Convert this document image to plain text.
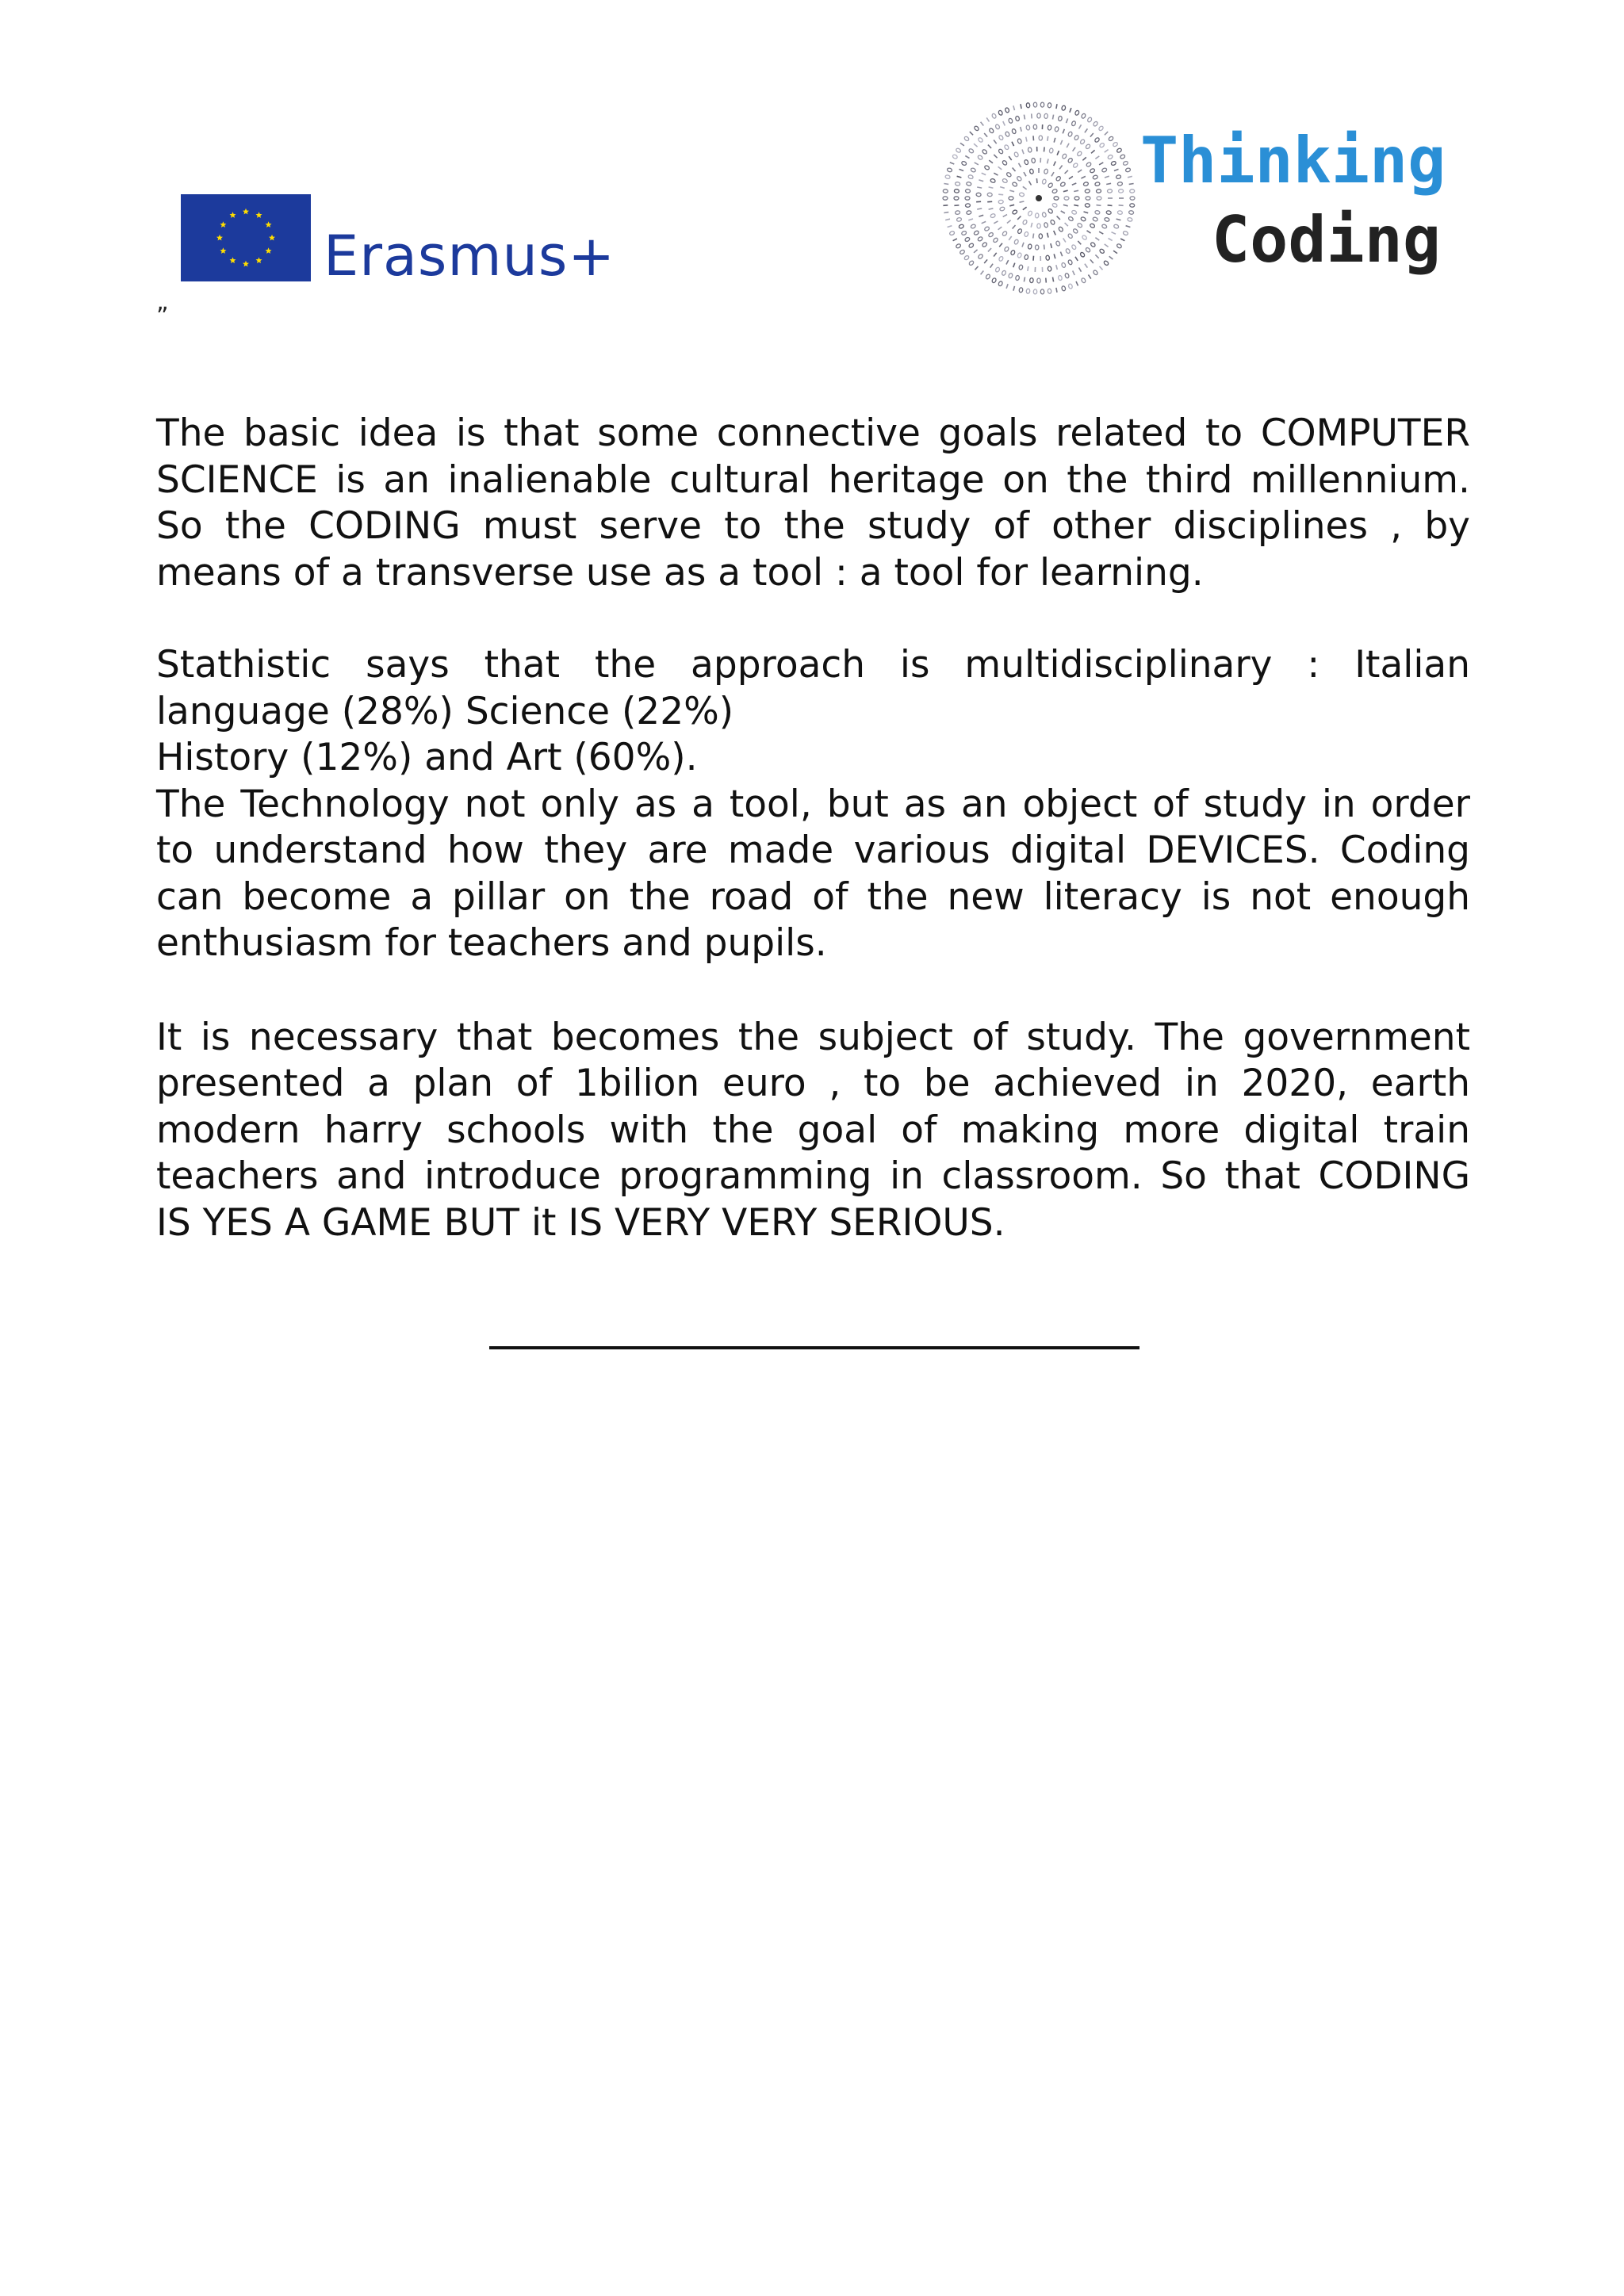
Erasmus+
Thinking
Coding
”

The basic idea is that some connective goals related to COMPUTER
SCIENCE is an inalienable cultural heritage on the third millennium.
So the CODING must serve to the study of other disciplines , by
means of a transverse use as a tool : a tool for learning.

Stathistic says that the approach is multidisciplinary : Italian
language (28%) Science (22%)
History (12%) and Art (60%).
The Technology not only as a tool, but as an object of study in order
to understand how they are made various digital DEVICES. Coding
can become a pillar on the road of the new literacy is not enough
enthusiasm for teachers and pupils.

It is necessary that becomes the subject of study. The government
presented a plan of 1bilion euro , to be achieved in 2020, earth
modern harry schools with the goal of making more digital train
teachers and introduce programming in classroom. So that CODING
IS YES A GAME BUT it IS VERY VERY SERIOUS.
